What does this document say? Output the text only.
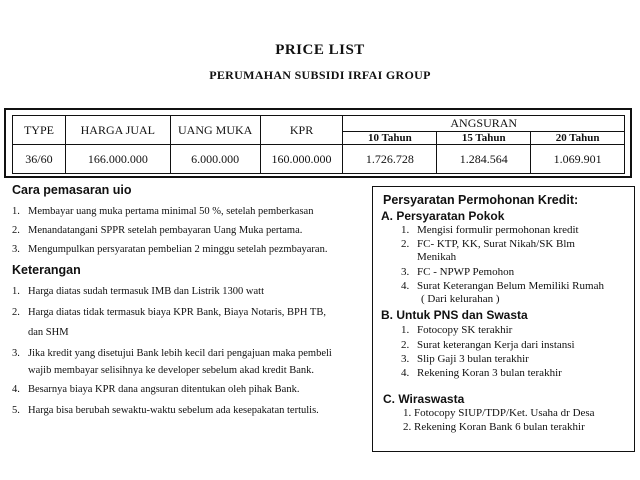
PRICE LIST
PERUMAHAN SUBSIDI IRFAI GROUP
TYPE	HARGA JUAL	UANG MUKA	KPR	ANGSURAN		
				10 Tahun	15 Tahun	20 Tahun
36/60	166.000.000	6.000.000	160.000.000	1.726.728	1.284.564	1.069.901
Cara pemasaran uio
1. Membayar uang muka pertama minimal 50 %, setelah pemberkasan
2. Menandatangani SPPR setelah pembayaran Uang Muka pertama.
3. Mengumpulkan persyaratan pembelian 2 minggu setelah pezmbayaran.
Keterangan
1. Harga diatas sudah termasuk IMB dan Listrik 1300 watt
2. Harga diatas tidak termasuk biaya KPR Bank, Biaya Notaris, BPH TB,
dan SHM
3. Jika kredit yang disetujui Bank lebih kecil dari pengajuan maka pembeli
wajib membayar selisihnya ke developer sebelum akad kredit Bank.
4. Besarnya biaya KPR dana angsuran ditentukan oleh pihak Bank.
5. Harga bisa berubah sewaktu-waktu sebelum ada kesepakatan tertulis.
Persyaratan Permohonan Kredit:
A. Persyaratan Pokok
1. Mengisi formulir permohonan kredit
2. FC- KTP, KK, Surat Nikah/SK Blm
Menikah
3. FC - NPWP Pemohon
4. Surat Keterangan Belum Memiliki Rumah
( Dari kelurahan )
B. Untuk PNS dan Swasta
1. Fotocopy SK terakhir
2. Surat keterangan Kerja dari instansi
3. Slip Gaji 3 bulan terakhir
4. Rekening Koran 3 bulan terakhir
C. Wiraswasta
1. Fotocopy SIUP/TDP/Ket. Usaha dr Desa
2. Rekening Koran Bank 6 bulan terakhir
